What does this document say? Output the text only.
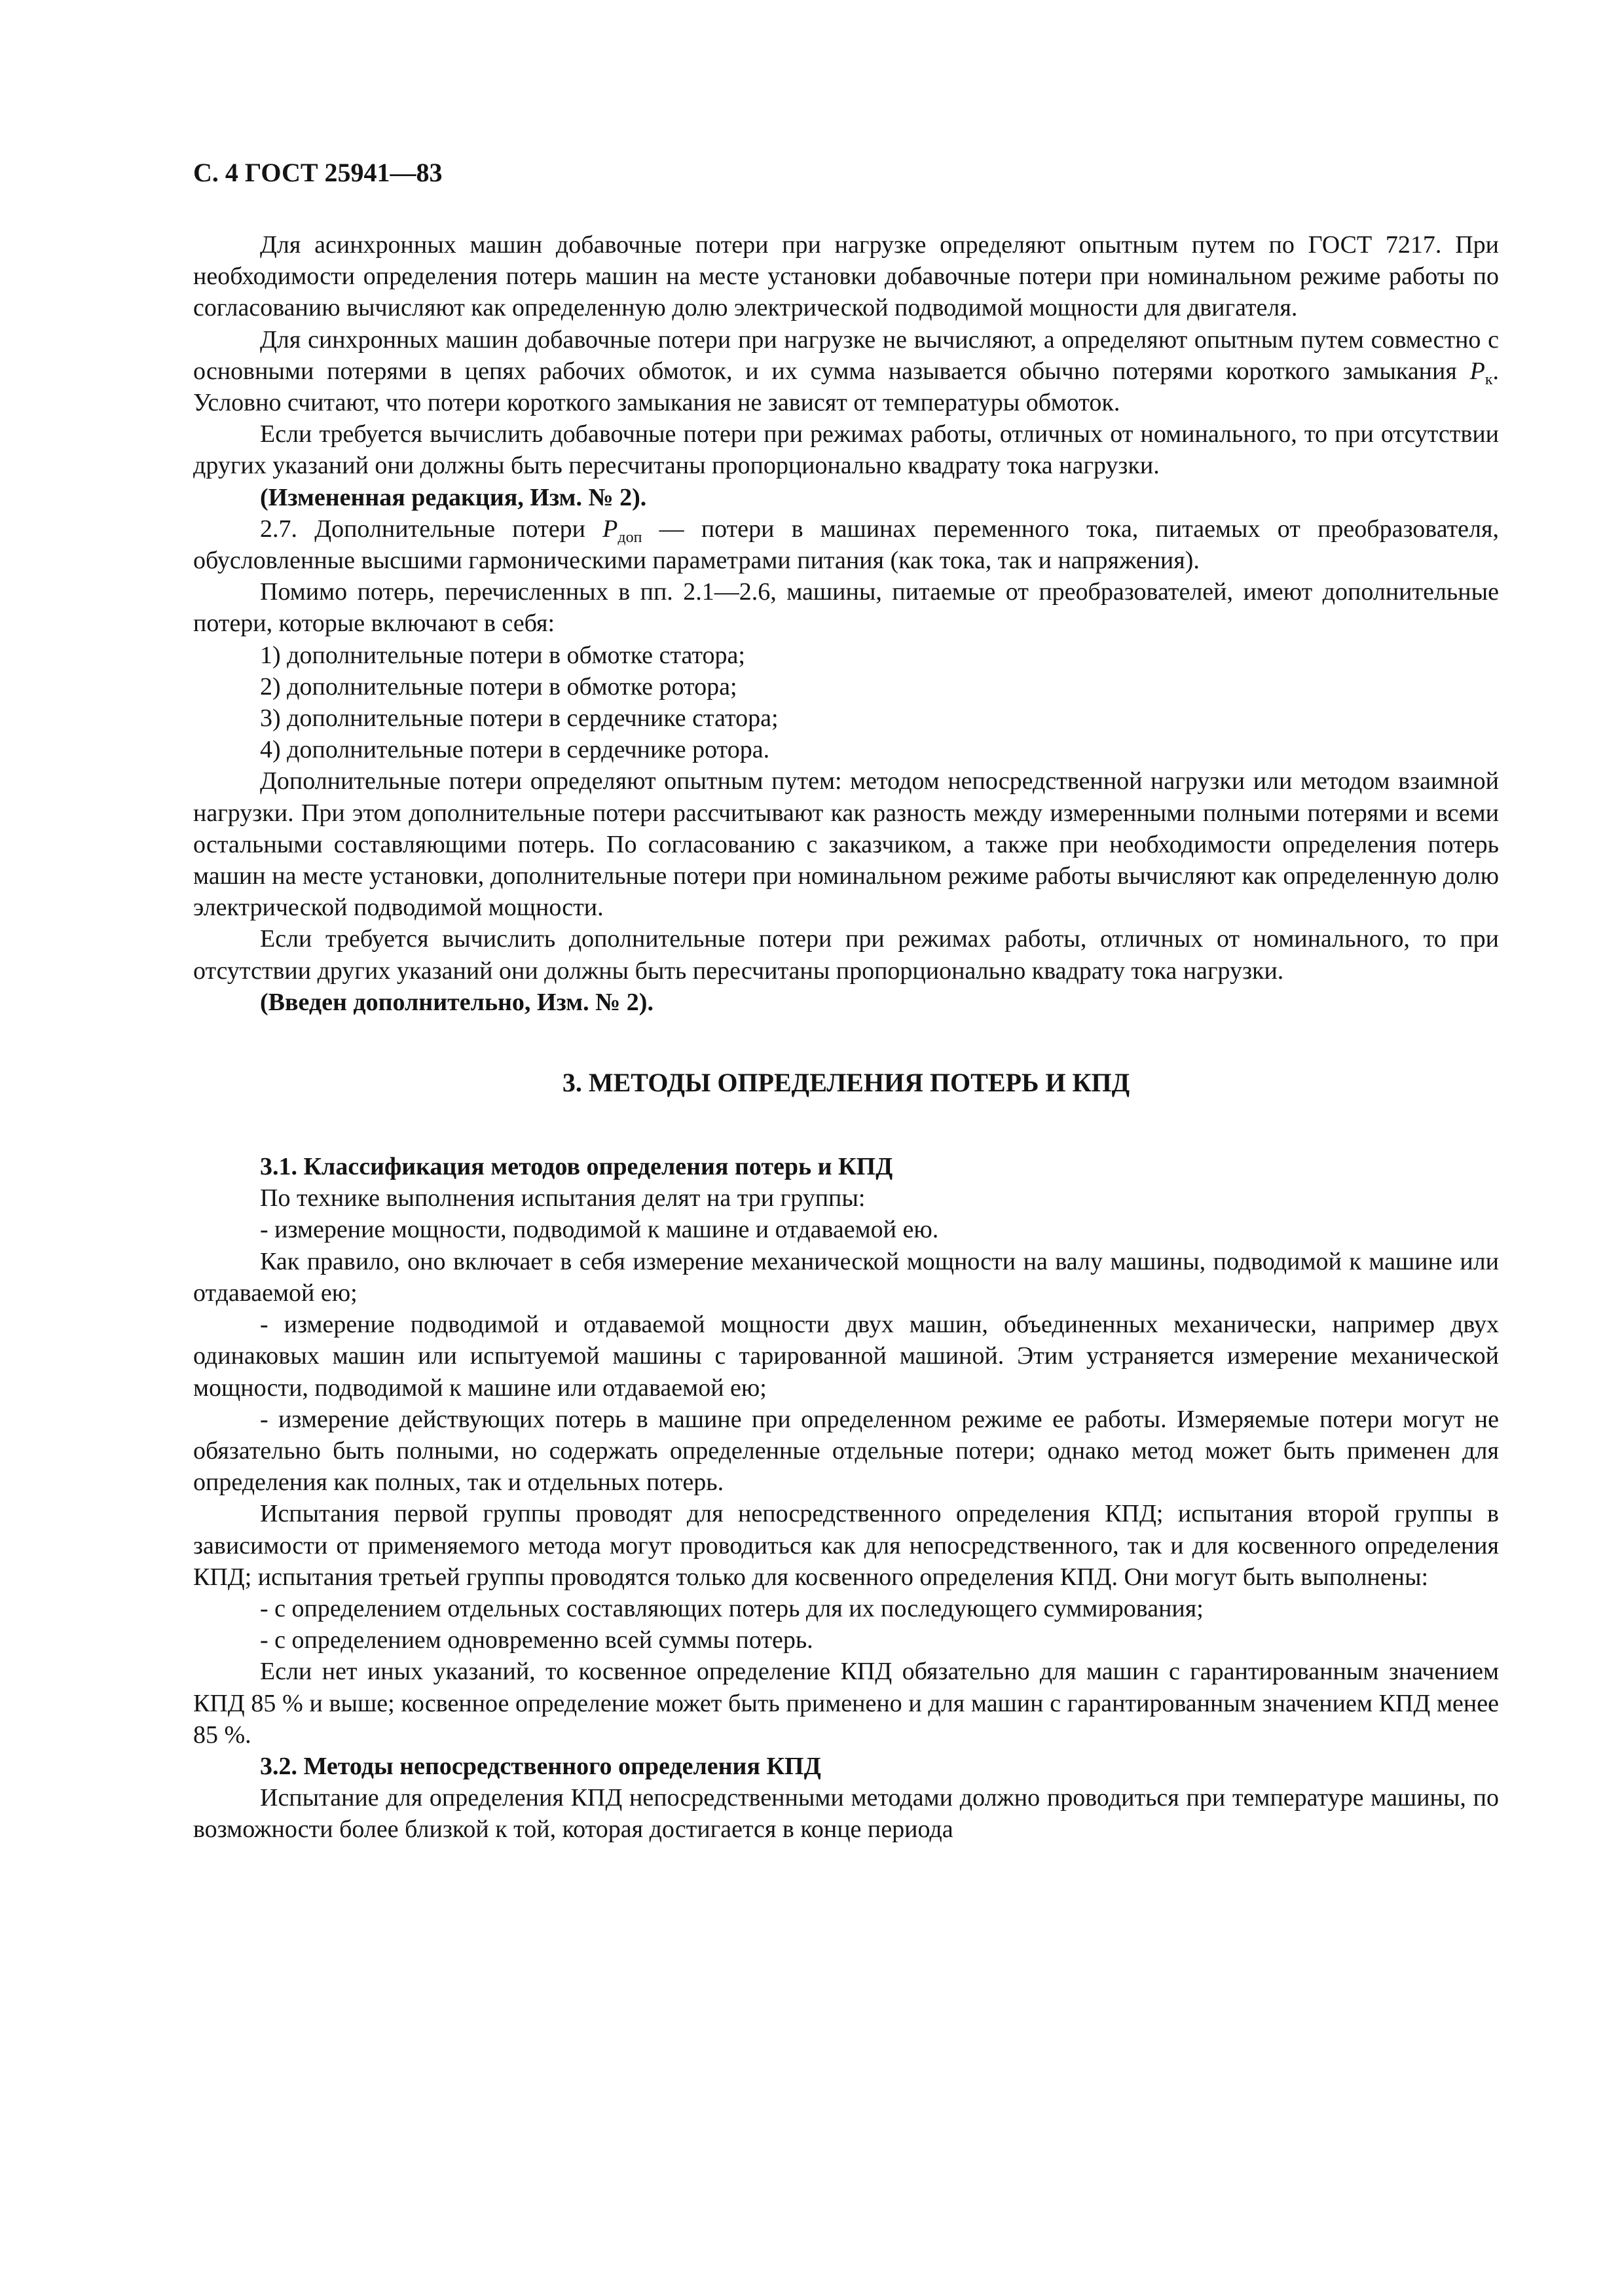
С. 4 ГОСТ 25941—83

Для асинхронных машин добавочные потери при нагрузке определяют опытным путем по ГОСТ 7217. При необходимости определения потерь машин на месте установки добавочные потери при номинальном режиме работы по согласованию вычисляют как определенную долю электрической подводимой мощности для двигателя.

Для синхронных машин добавочные потери при нагрузке не вычисляют, а определяют опытным путем совместно с основными потерями в цепях рабочих обмоток, и их сумма называется обычно потерями короткого замыкания $P_к$. Условно считают, что потери короткого замыкания не зависят от температуры обмоток.

Если требуется вычислить добавочные потери при режимах работы, отличных от номинального, то при отсутствии других указаний они должны быть пересчитаны пропорционально квадрату тока нагрузки.

(Измененная редакция, Изм. № 2).

2.7. Дополнительные потери $P_{доп}$ — потери в машинах переменного тока, питаемых от преобразователя, обусловленные высшими гармоническими параметрами питания (как тока, так и напряжения).

Помимо потерь, перечисленных в пп. 2.1—2.6, машины, питаемые от преобразователей, имеют дополнительные потери, которые включают в себя:

1) дополнительные потери в обмотке статора;

2) дополнительные потери в обмотке ротора;

3) дополнительные потери в сердечнике статора;

4) дополнительные потери в сердечнике ротора.

Дополнительные потери определяют опытным путем: методом непосредственной нагрузки или методом взаимной нагрузки. При этом дополнительные потери рассчитывают как разность между измеренными полными потерями и всеми остальными составляющими потерь. По согласованию с заказчиком, а также при необходимости определения потерь машин на месте установки, дополнительные потери при номинальном режиме работы вычисляют как определенную долю электрической подводимой мощности.

Если требуется вычислить дополнительные потери при режимах работы, отличных от номинального, то при отсутствии других указаний они должны быть пересчитаны пропорционально квадрату тока нагрузки.

(Введен дополнительно, Изм. № 2).

3. МЕТОДЫ ОПРЕДЕЛЕНИЯ ПОТЕРЬ И КПД

3.1. Классификация методов определения потерь и КПД

По технике выполнения испытания делят на три группы:

- измерение мощности, подводимой к машине и отдаваемой ею.

Как правило, оно включает в себя измерение механической мощности на валу машины, подводимой к машине или отдаваемой ею;

- измерение подводимой и отдаваемой мощности двух машин, объединенных механически, например двух одинаковых машин или испытуемой машины с тарированной машиной. Этим устраняется измерение механической мощности, подводимой к машине или отдаваемой ею;

- измерение действующих потерь в машине при определенном режиме ее работы. Измеряемые потери могут не обязательно быть полными, но содержать определенные отдельные потери; однако метод может быть применен для определения как полных, так и отдельных потерь.

Испытания первой группы проводят для непосредственного определения КПД; испытания второй группы в зависимости от применяемого метода могут проводиться как для непосредственного, так и для косвенного определения КПД; испытания третьей группы проводятся только для косвенного определения КПД. Они могут быть выполнены:

- с определением отдельных составляющих потерь для их последующего суммирования;

- с определением одновременно всей суммы потерь.

Если нет иных указаний, то косвенное определение КПД обязательно для машин с гарантированным значением КПД 85 % и выше; косвенное определение может быть применено и для машин с гарантированным значением КПД менее 85 %.

3.2. Методы непосредственного определения КПД

Испытание для определения КПД непосредственными методами должно проводиться при температуре машины, по возможности более близкой к той, которая достигается в конце периода
